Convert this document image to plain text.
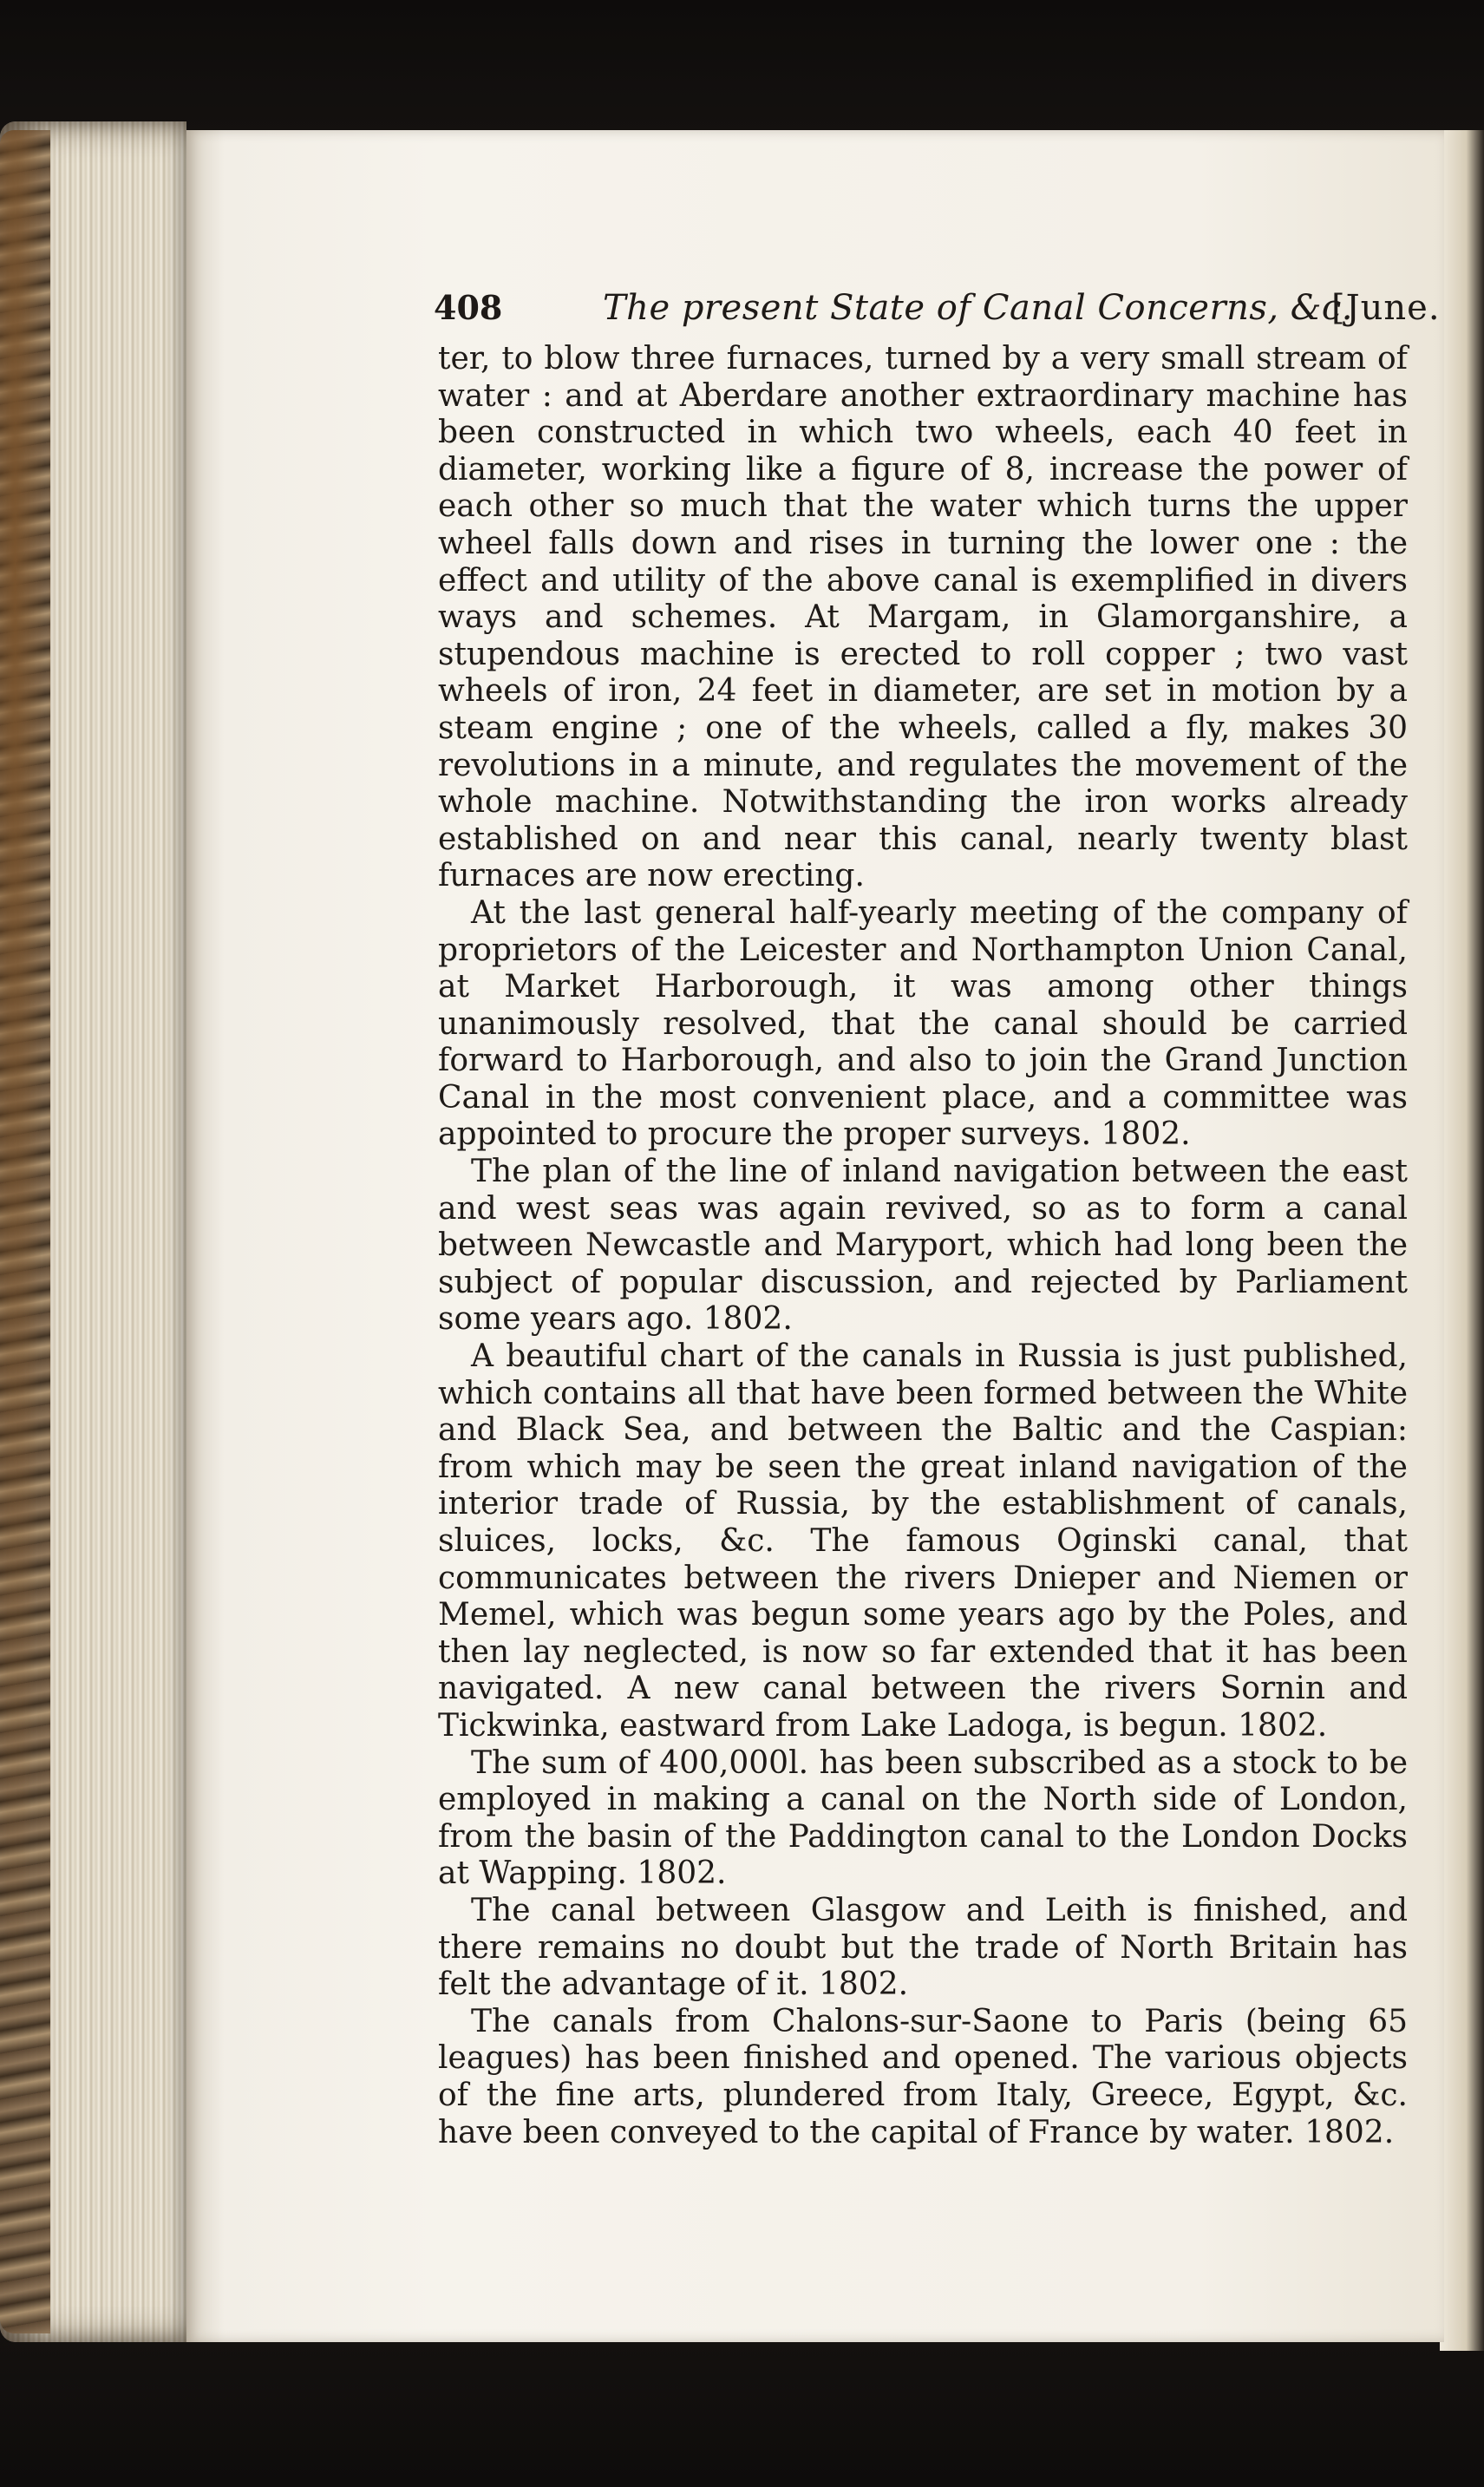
408	The present State of Canal Concerns, &c.
[June.

ter, to blow three furnaces, turned by a very small stream of water : and at Aberdare another extraordinary machine has been constructed in which two wheels, each 40 feet in diameter, working like a figure of 8, increase the power of each other so much that the water which turns the upper wheel falls down and rises in turning the lower one : the effect and utility of the above canal is exemplified in divers ways and schemes. At Margam, in Glamorganshire, a stupendous machine is erected to roll copper ; two vast wheels of iron, 24 feet in diameter, are set in motion by a steam engine ; one of the wheels, called a fly, makes 30 revolutions in a minute, and regulates the movement of the whole machine. Notwithstanding the iron works already established on and near this canal, nearly twenty blast furnaces are now erecting.

At the last general half-yearly meeting of the company of proprietors of the Leicester and Northampton Union Canal, at Market Harborough, it was among other things unanimously resolved, that the canal should be carried forward to Harborough, and also to join the Grand Junction Canal in the most convenient place, and a committee was appointed to procure the proper surveys. 1802.

The plan of the line of inland navigation between the east and west seas was again revived, so as to form a canal between Newcastle and Maryport, which had long been the subject of popular discussion, and rejected by Parliament some years ago. 1802.

A beautiful chart of the canals in Russia is just published, which contains all that have been formed between the White and Black Sea, and between the Baltic and the Caspian: from which may be seen the great inland navigation of the interior trade of Russia, by the establishment of canals, sluices, locks, &c. The famous Oginski canal, that communicates between the rivers Dnieper and Niemen or Memel, which was begun some years ago by the Poles, and then lay neglected, is now so far extended that it has been navigated. A new canal between the rivers Sornin and Tickwinka, eastward from Lake Ladoga, is begun. 1802.

The sum of 400,000l. has been subscribed as a stock to be employed in making a canal on the North side of London, from the basin of the Paddington canal to the London Docks at Wapping. 1802.

The canal between Glasgow and Leith is finished, and there remains no doubt but the trade of North Britain has felt the advantage of it. 1802.

The canals from Chalons-sur-Saone to Paris (being 65 leagues) has been finished and opened. The various objects of the fine arts, plundered from Italy, Greece, Egypt, &c. have been conveyed to the capital of France by water. 1802.
